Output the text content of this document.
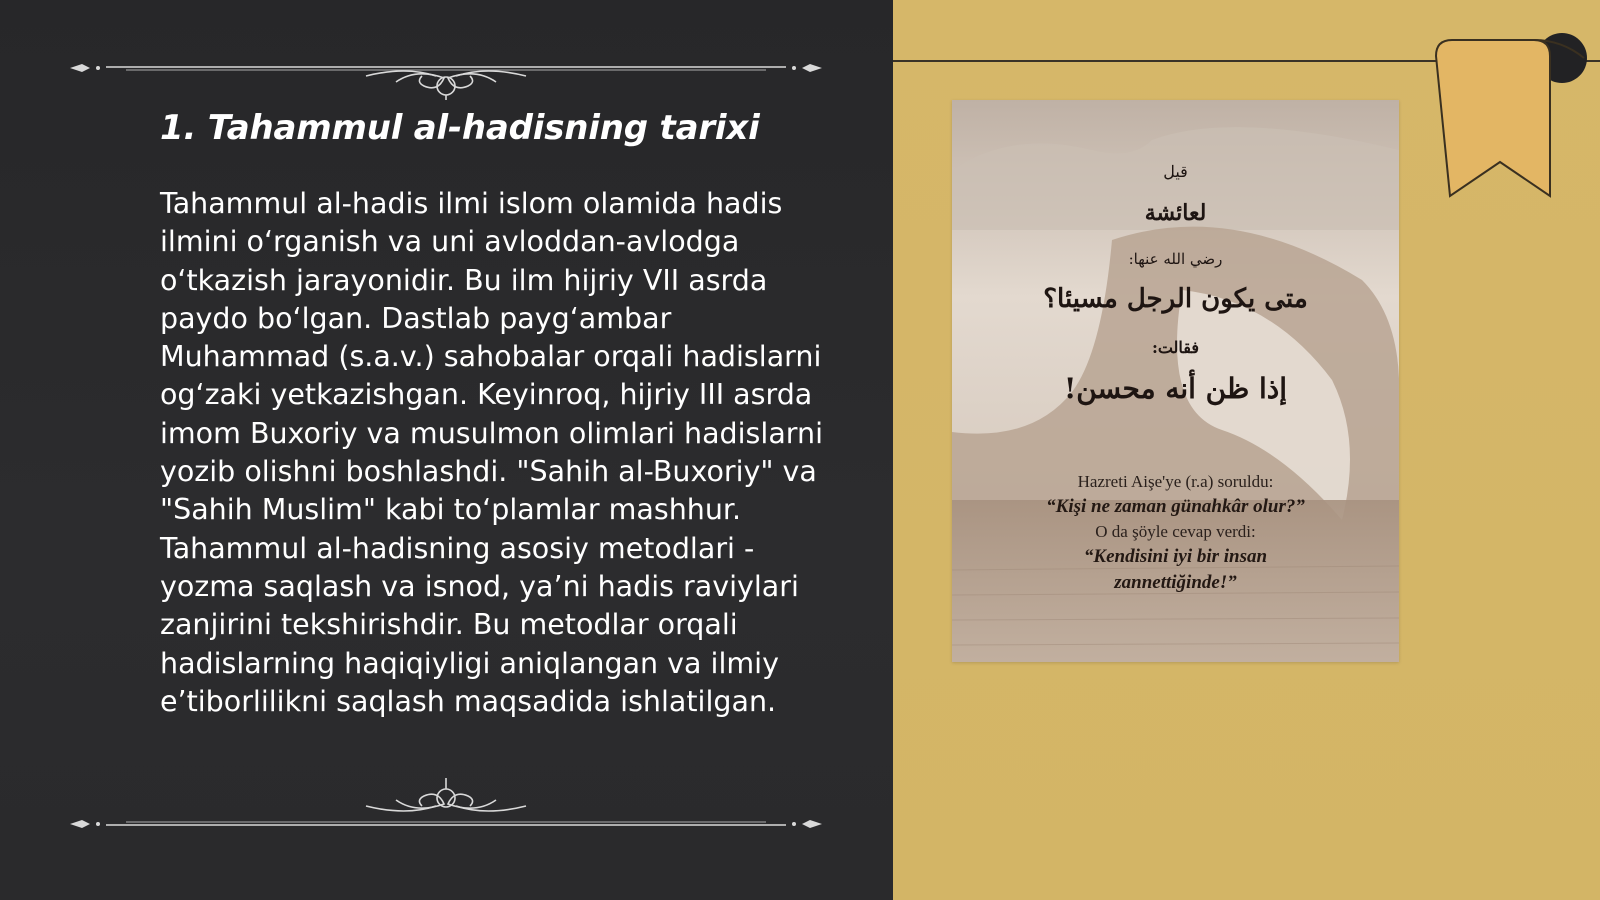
1. Tahammul al-hadisning tarixi

Tahammul al-hadis ilmi islom olamida hadis ilmini o‘rganish va uni avloddan-avlodga o‘tkazish jarayonidir. Bu ilm hijriy VII asrda paydo bo‘lgan. Dastlab payg‘ambar Muhammad (s.a.v.) sahobalar orqali hadislarni og‘zaki yetkazishgan. Keyinroq, hijriy III asrda imom Buxoriy va musulmon olimlari hadislarni yozib olishni boshlashdi. "Sahih al-Buxoriy" va "Sahih Muslim" kabi to‘plamlar mashhur. Tahammul al-hadisning asosiy metodlari - yozma saqlash va isnod, ya’ni hadis raviylari zanjirini tekshirishdir. Bu metodlar orqali hadislarning haqiqiyligi aniqlangan va ilmiy e’tiborlilikni saqlash maqsadida ishlatilgan.

قيل
لعائشة
رضي الله عنها:
متى يكون الرجل مسيئا؟
فقالت:
إذا ظن أنه محسن!
Hazreti Aişe'ye (r.a) soruldu:
“Kişi ne zaman günahkâr olur?”
O da şöyle cevap verdi:
“Kendisini iyi bir insan
zannettiğinde!”
